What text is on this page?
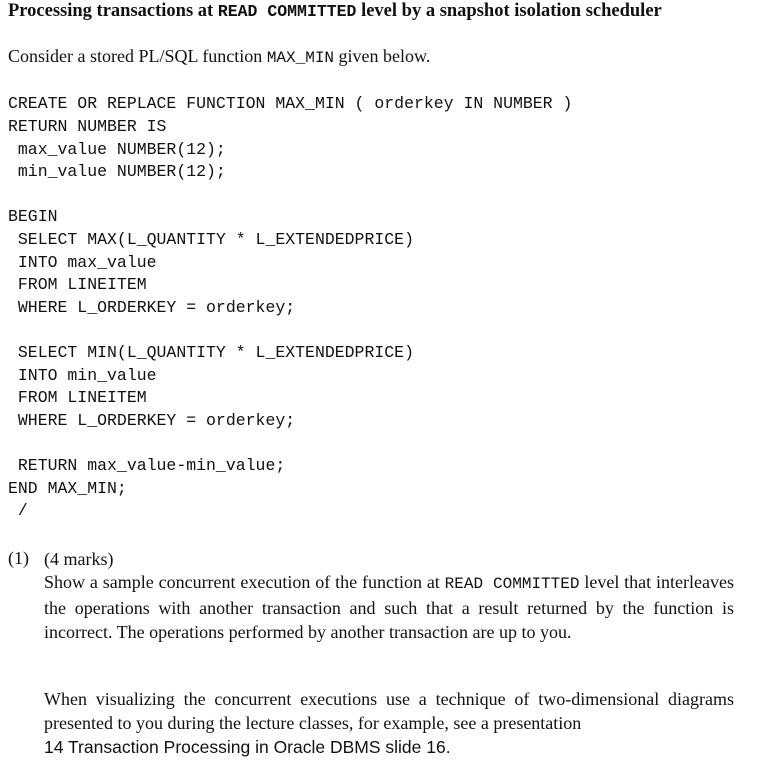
Processing transactions at READ COMMITTED level by a snapshot isolation scheduler
Consider a stored PL/SQL function MAX_MIN given below.
CREATE OR REPLACE FUNCTION MAX_MIN ( orderkey IN NUMBER )
RETURN NUMBER IS
max_value NUMBER(12);
min_value NUMBER(12);
BEGIN
SELECT MAX(L_QUANTITY * L_EXTENDEDPRICE)
INTO max_value
FROM LINEITEM
WHERE L_ORDERKEY = orderkey;
SELECT MIN(L_QUANTITY * L_EXTENDEDPRICE)
INTO min_value
FROM LINEITEM
WHERE L_ORDERKEY = orderkey;
RETURN max_value-min_value;
END MAX_MIN;
/
(1) (4 marks)
Show a sample concurrent execution of the function at READ COMMITTED level that interleaves the operations with another transaction and such that a result returned by the function is incorrect. The operations performed by another transaction are up to you.
When visualizing the concurrent executions use a technique of two-dimensional diagrams presented to you during the lecture classes, for example, see a presentation
14 Transaction Processing in Oracle DBMS slide 16.
